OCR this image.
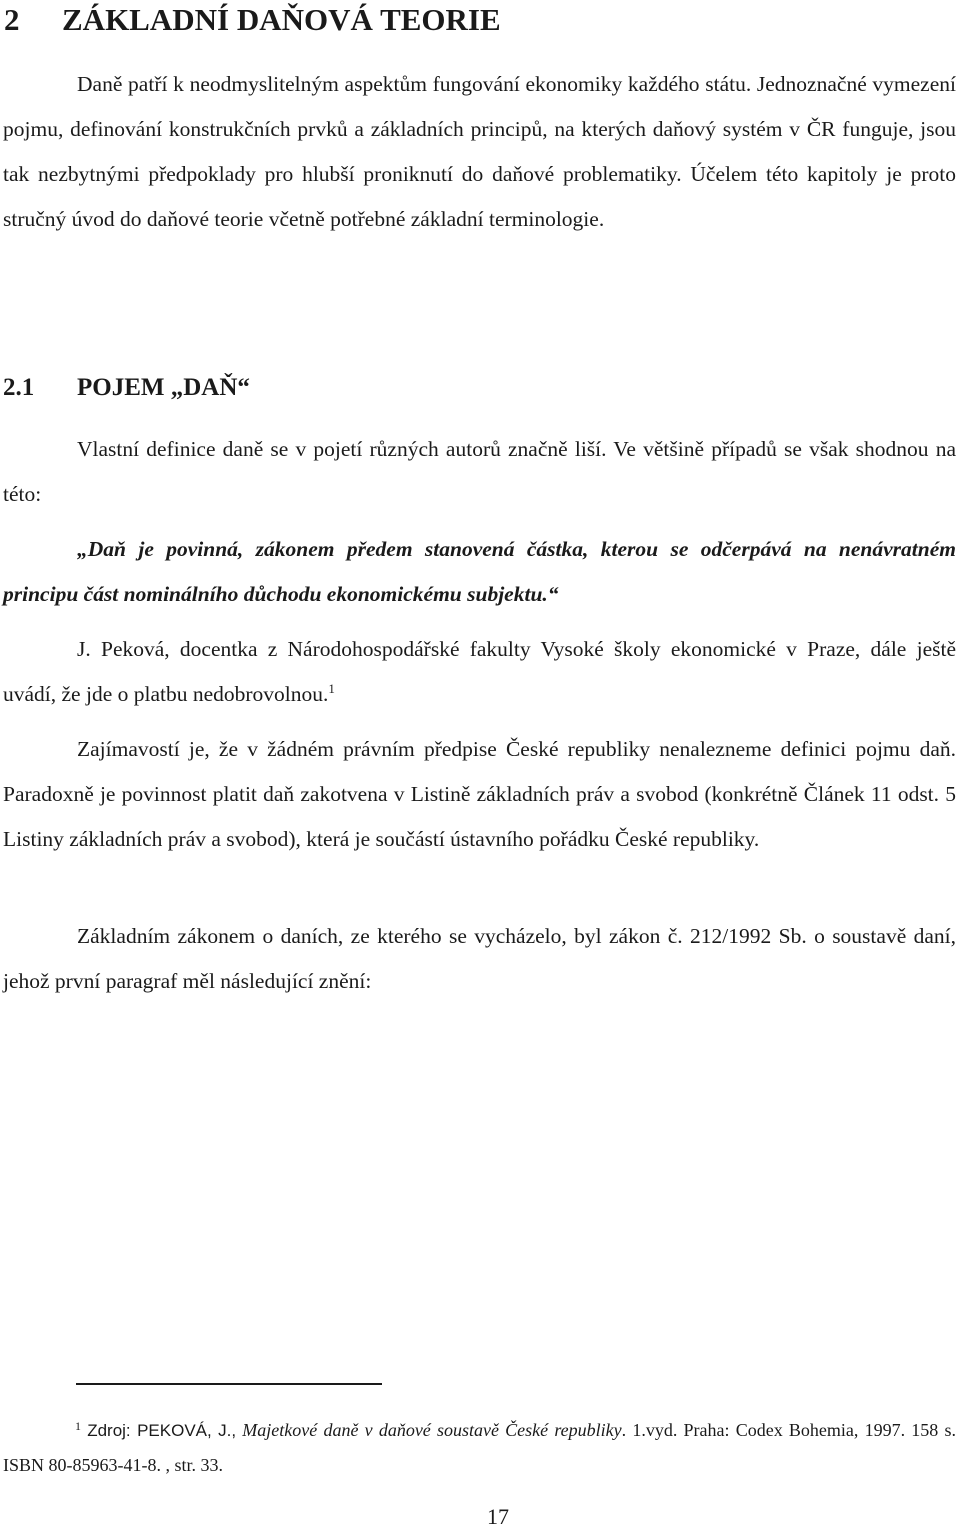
2 ZÁKLADNÍ DAŇOVÁ TEORIE

Daně patří k neodmyslitelným aspektům fungování ekonomiky každého státu. Jednoznačné vymezení pojmu, definování konstrukčních prvků a základních principů, na kterých daňový systém v ČR funguje, jsou tak nezbytnými předpoklady pro hlubší proniknutí do daňové problematiky. Účelem této kapitoly je proto stručný úvod do daňové teorie včetně potřebné základní terminologie.

2.1 POJEM „DAŇ“

Vlastní definice daně se v pojetí různých autorů značně liší. Ve většině případů se však shodnou na této:

„Daň je povinná, zákonem předem stanovená částka, kterou se odčerpává na nenávratném principu část nominálního důchodu ekonomickému subjektu.“

J. Peková, docentka z Národohospodářské fakulty Vysoké školy ekonomické v Praze, dále ještě uvádí, že jde o platbu nedobrovolnou.$^1$

Zajímavostí je, že v žádném právním předpise České republiky nenalezneme definici pojmu daň. Paradoxně je povinnost platit daň zakotvena v Listině základních práv a svobod (konkrétně Článek 11 odst. 5 Listiny základních práv a svobod), která je součástí ústavního pořádku České republiky.

Základním zákonem o daních, ze kterého se vycházelo, byl zákon č. 212/1992 Sb. o soustavě daní, jehož první paragraf měl následující znění:

$^1$ Zdroj: PEKOVÁ, J., Majetkové daně v daňové soustavě České republiky. 1.vyd. Praha: Codex Bohemia, 1997. 158 s. ISBN 80-85963-41-8. , str. 33.

17
